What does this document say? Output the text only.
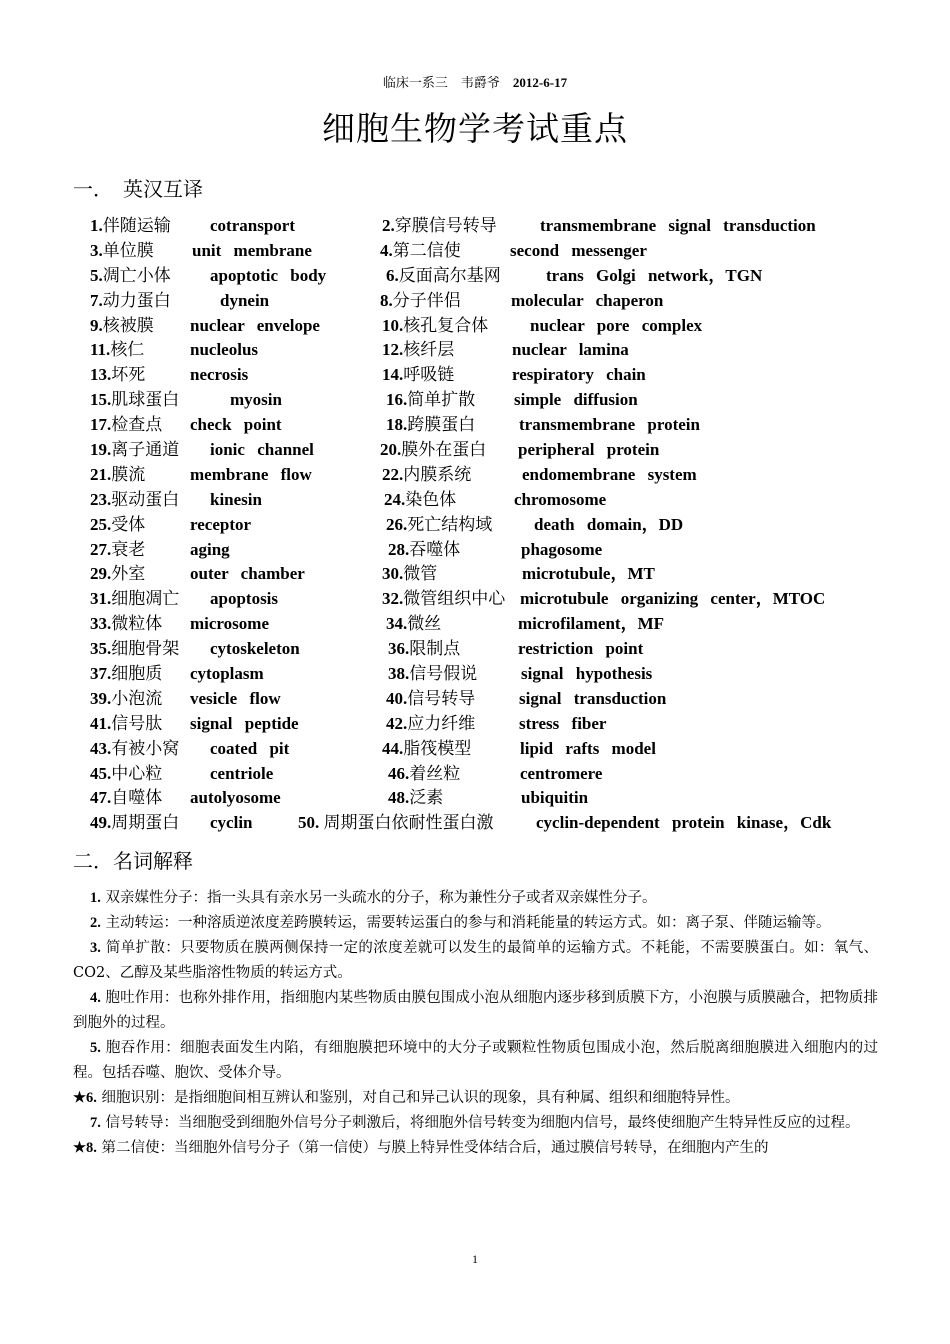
临床一系三　韦爵爷　2012-6-17
细胞生物学考试重点
一．　英汉互译
1.伴随运输 cotransport	2.穿膜信号转导	transmembrane signal transduction
3.单位膜 unit membrane	4.第二信使	second messenger
5.凋亡小体 apoptotic body	6.反面高尔基网	trans Golgi network，TGN
7.动力蛋白	dynein	8.分子伴侣	molecular chaperon
9.核被膜 nuclear envelope	10.核孔复合体 nuclear pore complex
11.核仁	nucleolus	12.核纤层	nuclear lamina
13.坏死	necrosis	14.呼吸链	respiratory chain
15.肌球蛋白	myosin	16.简单扩散 simple diffusion
17.检查点 check point	18.跨膜蛋白	transmembrane protein
19.离子通道 ionic channel	20.膜外在蛋白 peripheral protein
21.膜流	membrane flow	22.内膜系统	endomembrane system
23.驱动蛋白 kinesin	24.染色体	chromosome
25.受体	receptor	26.死亡结构域 death domain，DD
27.衰老	aging	28.吞噬体	phagosome
29.外室	outer chamber	30.微管	microtubule，MT
31.细胞凋亡 apoptosis	32.微管组织中心 microtubule organizing center，MTOC
33.微粒体 microsome	34.微丝	microfilament，MF
35.细胞骨架 cytoskeleton	36.限制点	restriction point
37.细胞质 cytoplasm	38.信号假说	signal hypothesis
39.小泡流 vesicle flow	40.信号转导	signal transduction
41.信号肽 signal peptide	42.应力纤维	stress fiber
43.有被小窝 coated pit	44.脂筏模型	lipid rafts model
45.中心粒	centriole	46.着丝粒	centromere
47.自噬体 autolyosome	48.泛素	ubiquitin
49.周期蛋白 cyclin	50. 周期蛋白依耐性蛋白激	cyclin-dependent protein kinase，Cdk
二．名词解释
1. 双亲媒性分子：指一头具有亲水另一头疏水的分子，称为兼性分子或者双亲媒性分子。
2. 主动转运：一种溶质逆浓度差跨膜转运，需要转运蛋白的参与和消耗能量的转运方式。如：离子泵、伴随运输等。
3. 简单扩散：只要物质在膜两侧保持一定的浓度差就可以发生的最简单的运输方式。不耗能，不需要膜蛋白。如：氧气、CO2、乙醇及某些脂溶性物质的转运方式。
4. 胞吐作用：也称外排作用，指细胞内某些物质由膜包围成小泡从细胞内逐步移到质膜下方，小泡膜与质膜融合，把物质排到胞外的过程。
5. 胞吞作用：细胞表面发生内陷，有细胞膜把环境中的大分子或颗粒性物质包围成小泡，然后脱离细胞膜进入细胞内的过程。包括吞噬、胞饮、受体介导。
★6. 细胞识别：是指细胞间相互辨认和鉴别，对自己和异己认识的现象，具有种属、组织和细胞特异性。
7. 信号转导：当细胞受到细胞外信号分子刺激后，将细胞外信号转变为细胞内信号，最终使细胞产生特异性反应的过程。
★8. 第二信使：当细胞外信号分子（第一信使）与膜上特异性受体结合后，通过膜信号转导，在细胞内产生的
1
